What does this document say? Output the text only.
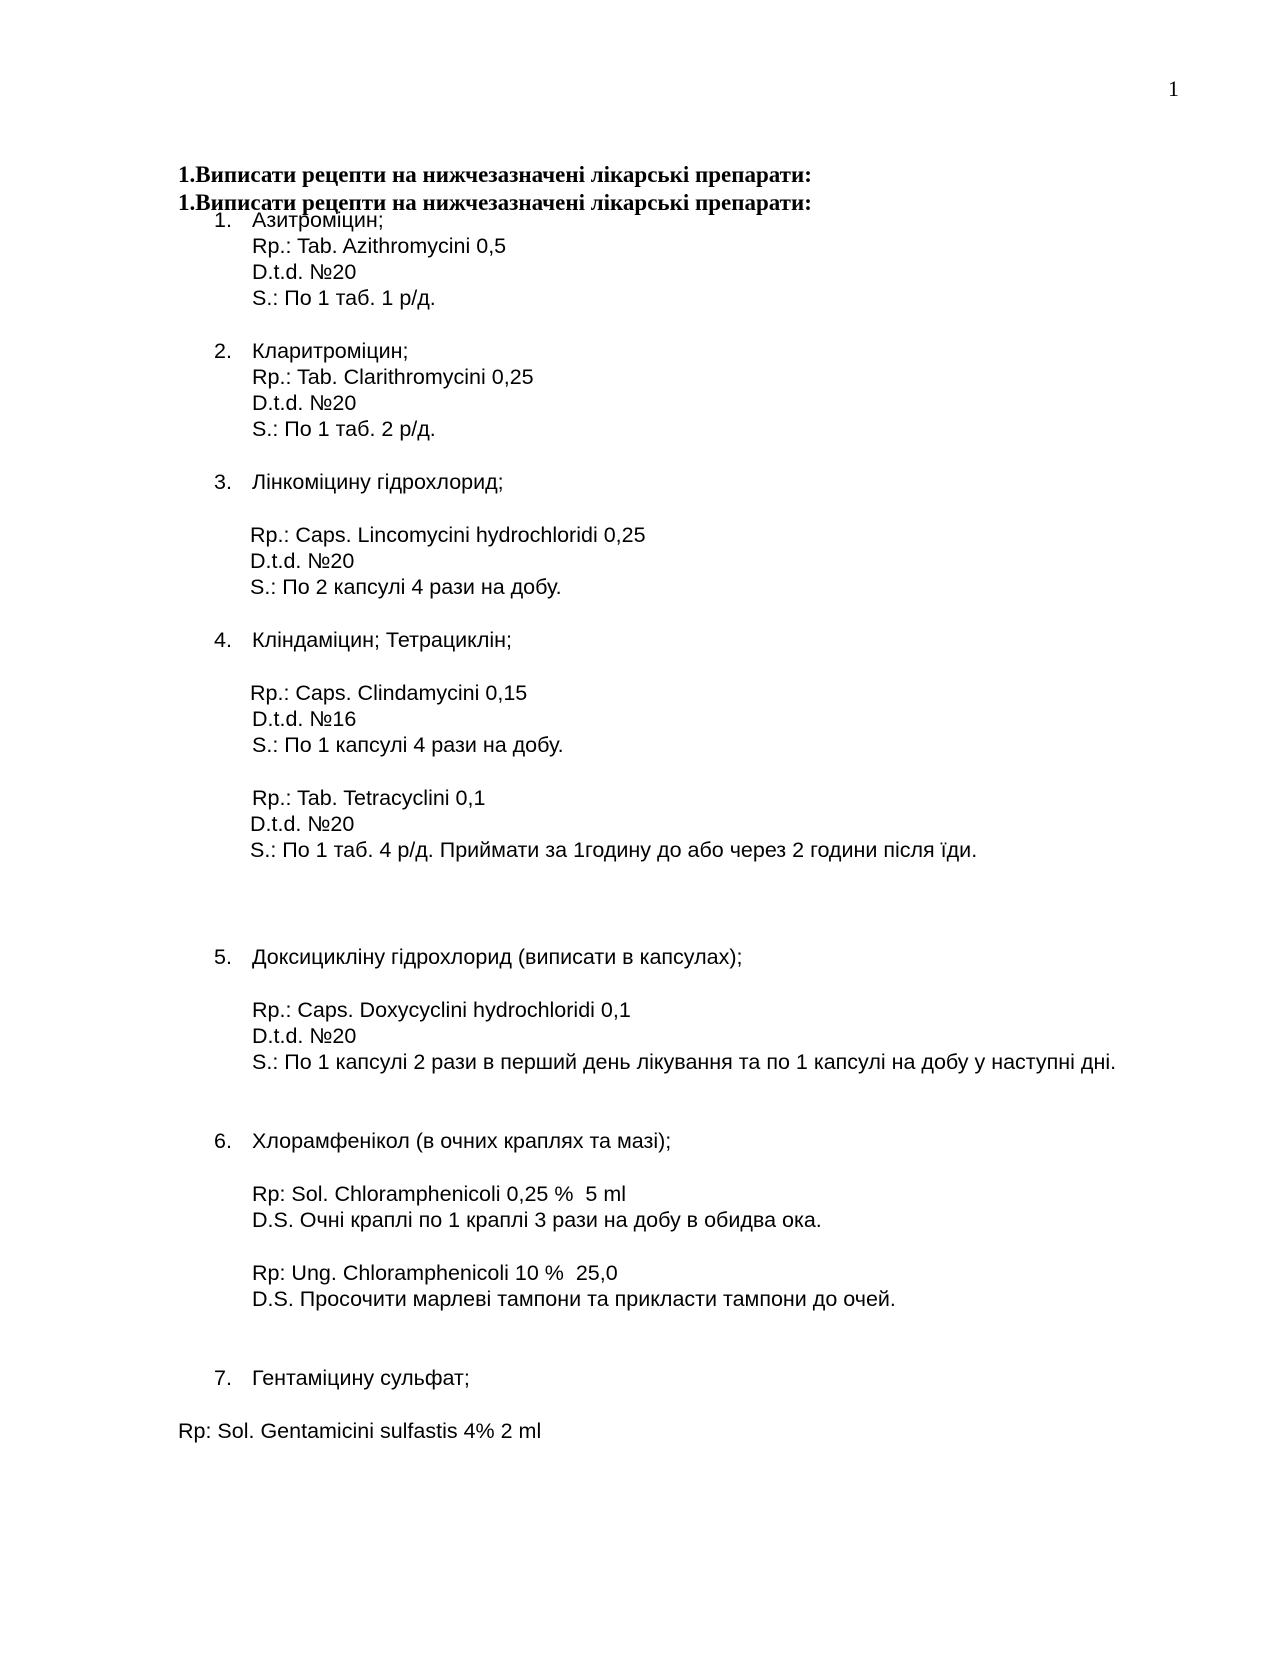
1
1.Виписати рецепти на нижчезазначені лікарські препарати:
1.Виписати рецепти на нижчезазначені лікарські препарати:
1. Азитроміцин;
Rp.: Tab. Azithromycini 0,5
D.t.d. №20
S.: По 1 таб. 1 р/д.
2. Кларитроміцин;
Rp.: Tab. Clarithromycini 0,25
D.t.d. №20
S.: По 1 таб. 2 р/д.
3. Лінкоміцину гідрохлорид;
Rp.: Caps. Lincomycini hydrochloridi 0,25
D.t.d. №20
S.: По 2 капсулі 4 рази на добу.
4. Кліндаміцин; Тетрациклін;
Rp.: Caps. Clindamycini 0,15
D.t.d. №16
S.: По 1 капсулі 4 рази на добу.
Rp.: Tab. Tetracyclini 0,1
D.t.d. №20
S.: По 1 таб. 4 р/д. Приймати за 1годину до або через 2 години після їди.
5. Доксицикліну гідрохлорид (виписати в капсулах);
Rp.: Caps. Doxycyclini hydrochloridi 0,1
D.t.d. №20
S.: По 1 капсулі 2 рази в перший день лікування та по 1 капсулі на добу у наступні дні.
6. Хлорамфенікол (в очних краплях та мазі);
Rp: Sol. Chloramphenicoli 0,25 %  5 ml
D.S. Очні краплі по 1 краплі 3 рази на добу в обидва ока.
Rp: Ung. Chloramphenicoli 10 %  25,0
D.S. Просочити марлеві тампони та прикласти тампони до очей.
7. Гентаміцину сульфат;
Rp: Sol. Gentamicini sulfastis 4% 2 ml
